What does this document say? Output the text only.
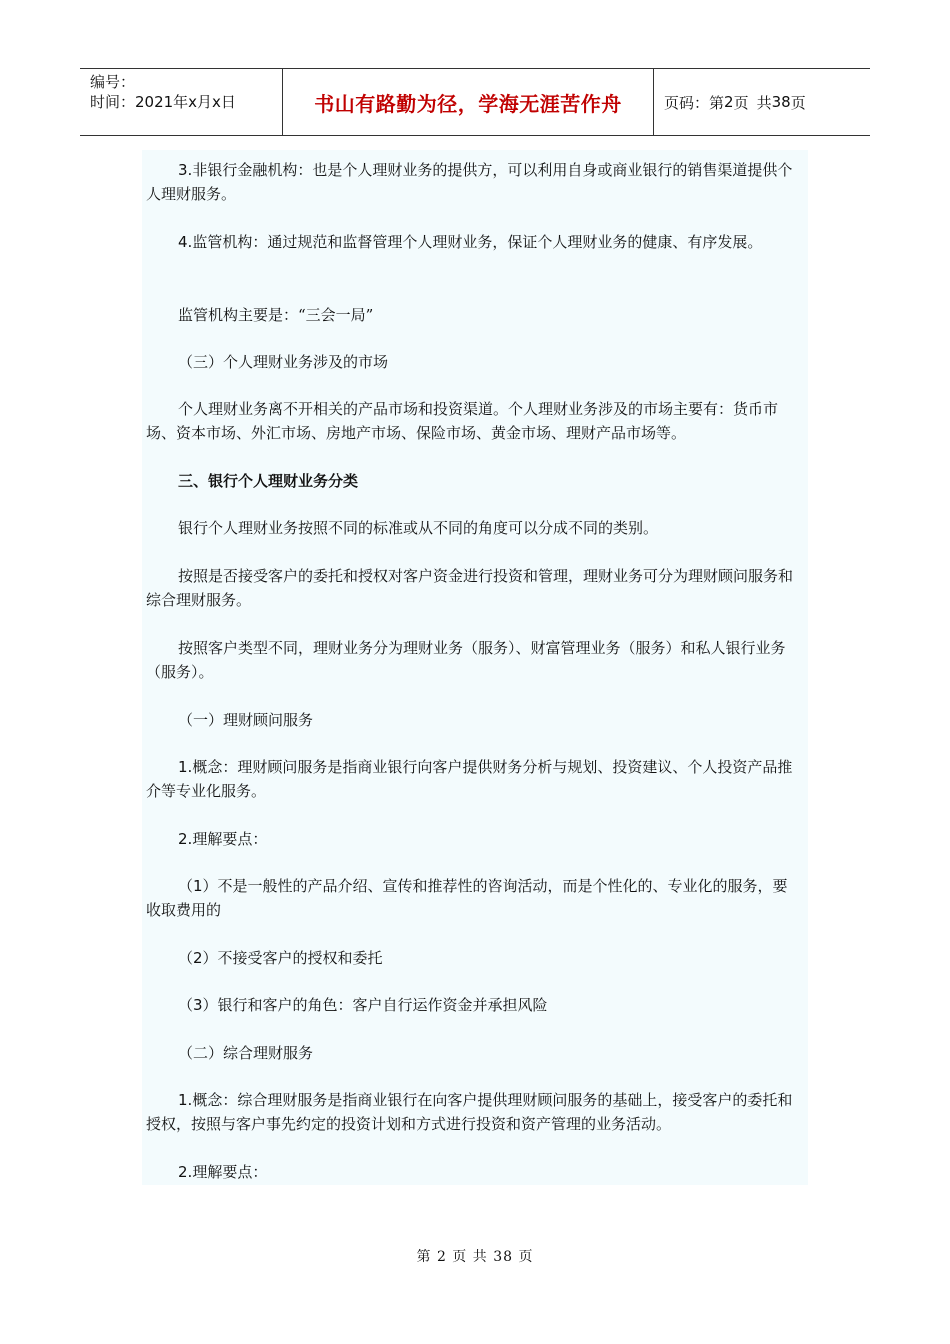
编号：
时间：2021年x月x日	书山有路勤为径，学海无涯苦作舟	页码：第 2 页 共 38 页

3.非银行金融机构：也是个人理财业务的提供方，可以利用自身或商业银行的销售渠道提供个人理财服务。

4.监管机构：通过规范和监督管理个人理财业务，保证个人理财业务的健康、有序发展。

监管机构主要是：“三会一局”

（三）个人理财业务涉及的市场

个人理财业务离不开相关的产品市场和投资渠道。个人理财业务涉及的市场主要有：货币市场、资本市场、外汇市场、房地产市场、保险市场、黄金市场、理财产品市场等。

三、银行个人理财业务分类

银行个人理财业务按照不同的标准或从不同的角度可以分成不同的类别。

按照是否接受客户的委托和授权对客户资金进行投资和管理，理财业务可分为理财顾问服务和综合理财服务。

按照客户类型不同，理财业务分为理财业务（服务）、财富管理业务（服务）和私人银行业务（服务）。

（一）理财顾问服务

1.概念：理财顾问服务是指商业银行向客户提供财务分析与规划、投资建议、个人投资产品推介等专业化服务。

2.理解要点：

（1）不是一般性的产品介绍、宣传和推荐性的咨询活动，而是个性化的、专业化的服务，要收取费用的

（2）不接受客户的授权和委托

（3）银行和客户的角色：客户自行运作资金并承担风险

（二）综合理财服务

1.概念：综合理财服务是指商业银行在向客户提供理财顾问服务的基础上，接受客户的委托和授权，按照与客户事先约定的投资计划和方式进行投资和资产管理的业务活动。

2.理解要点：

第 2 页 共 38 页
